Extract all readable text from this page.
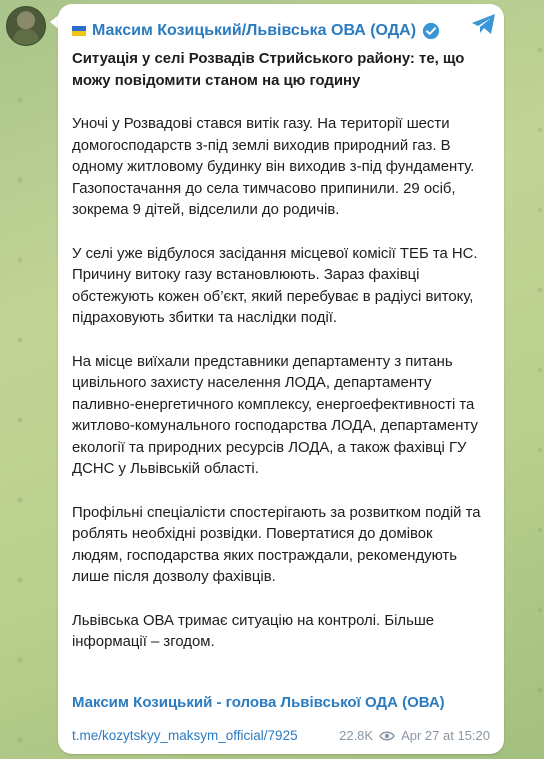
Максим Козицький/Львівська ОВА (ОДА)

Ситуація у селі Розвадів Стрийського району: те, що можу повідомити станом на цю годину

Уночі у Розвадові стався витік газу. На території шести домогосподарств з-під землі виходив природний газ. В одному житловому будинку він виходив з-під фундаменту. Газопостачання до села тимчасово припинили. 29 осіб, зокрема 9 дітей, відселили до родичів.

У селі уже відбулося засідання місцевої комісії ТЕБ та НС. Причину витоку газу встановлюють. Зараз фахівці обстежують кожен об’єкт, який перебуває в радіусі витоку, підраховують збитки та наслідки події.

На місце виїхали представники департаменту з питань цивільного захисту населення ЛОДА, департаменту паливно-енергетичного комплексу, енергоефективності та житлово-комунального господарства ЛОДА, департаменту екології та природних ресурсів ЛОДА, а також фахівці ГУ ДСНС у Львівській області.

Профільні спеціалісти спостерігають за розвитком подій та роблять необхідні розвідки. Повертатися до домівок людям, господарства яких постраждали, рекомендують лише після дозволу фахівців.

Львівська ОВА тримає ситуацію на контролі. Більше інформації – згодом.

Максим Козицький - голова Львівської ОДА (ОВА)
t.me/kozytskyy_maksym_official/7925	22.8K Apr 27 at 15:20
